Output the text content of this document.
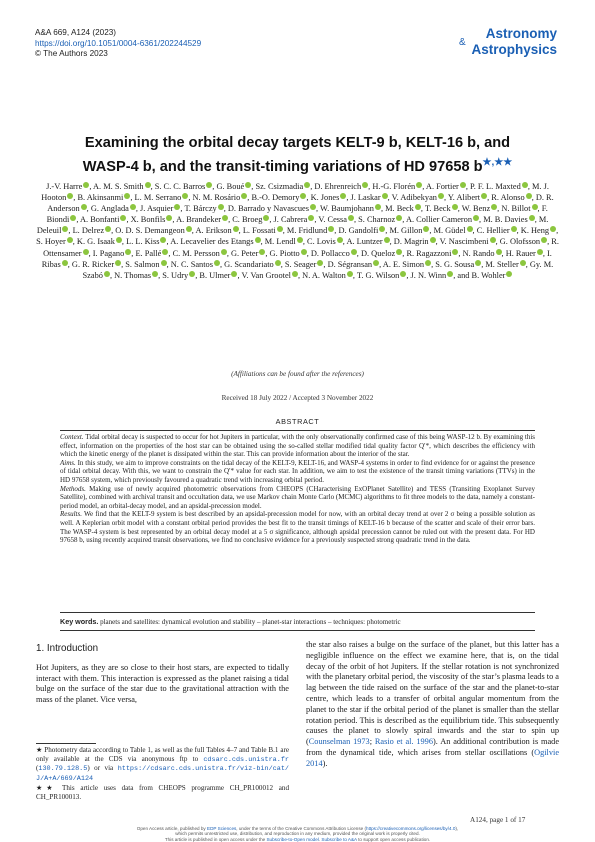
A&A 669, A124 (2023)
https://doi.org/10.1051/0004-6361/202244529
© The Authors 2023
Astronomy
& Astrophysics
Examining the orbital decay targets KELT-9 b, KELT-16 b, and
WASP-4 b, and the transit-timing variations of HD 97658 b★,★★
J.-V. Harre , A. M. S. Smith , S. C. C. Barros , G. Boué , Sz. Csizmadia , D. Ehrenreich , H.-G. Florén , A. Fortier , P. F. L. Maxted , M. J. Hooton , B. Akinsanmi , L. M. Serrano , N. M. Rosário , B.-O. Demory , K. Jones , J. Laskar , V. Adibekyan , Y. Alibert , R. Alonso , D. R. Anderson , G. Anglada , J. Asquier , T. Bárczy , D. Barrado y Navascues , W. Baumjohann , M. Beck , T. Beck , W. Benz , N. Billot , F. Biondi , A. Bonfanti , X. Bonfils , A. Brandeker , C. Broeg , J. Cabrera , V. Cessa , S. Charnoz , A. Collier Cameron , M. B. Davies , M. Deleuil , L. Delrez , O. D. S. Demangeon , A. Erikson , L. Fossati , M. Fridlund , D. Gandolfi , M. Gillon , M. Güdel , C. Hellier , K. Heng , S. Hoyer , K. G. Isaak , L. L. Kiss , A. Lecavelier des Etangs , M. Lendl , C. Lovis , A. Luntzer , D. Magrin , V. Nascimbeni , G. Olofsson , R. Ottensamer , I. Pagano , E. Pallé , C. M. Persson , G. Peter , G. Piotto , D. Pollacco , D. Queloz , R. Ragazzoni , N. Rando , H. Rauer , I. Ribas , G. R. Ricker , S. Salmon , N. C. Santos , G. Scandariato , S. Seager , D. Ségransan , A. E. Simon , S. G. Sousa , M. Steller , Gy. M. Szabó , N. Thomas , S. Udry , B. Ulmer , V. Van Grootel , N. A. Walton , T. G. Wilson , J. N. Winn , and B. Wohler
(Affiliations can be found after the references)
Received 18 July 2022 / Accepted 3 November 2022
ABSTRACT

Context. Tidal orbital decay is suspected to occur for hot Jupiters in particular, with the only observationally confirmed case of this being WASP-12 b. By examining this effect, information on the properties of the host star can be obtained using the so-called stellar modified tidal quality factor Q′*, which describes the efficiency with which the kinetic energy of the planet is dissipated within the star. This can provide information about the interior of the star.

Aims. In this study, we aim to improve constraints on the tidal decay of the KELT-9, KELT-16, and WASP-4 systems in order to find evidence for or against the presence of tidal orbital decay. With this, we want to constrain the Q′* value for each star. In addition, we aim to test the existence of the transit timing variations (TTVs) in the HD 97658 system, which previously favoured a quadratic trend with increasing orbital period.

Methods. Making use of newly acquired photometric observations from CHEOPS (CHaracterising ExOPlanet Satellite) and TESS (Transiting Exoplanet Survey Satellite), combined with archival transit and occultation data, we use Markov chain Monte Carlo (MCMC) algorithms to fit three models to the data, namely a constant-period model, an orbital-decay model, and an apsidal-precession model.

Results. We find that the KELT-9 system is best described by an apsidal-precession model for now, with an orbital decay trend at over 2 σ being a possible solution as well. A Keplerian orbit model with a constant orbital period provides the best fit to the transit timings of KELT-16 b because of the scatter and scale of their error bars. The WASP-4 system is best represented by an orbital decay model at a 5 σ significance, although apsidal precession cannot be ruled out with the present data. For HD 97658 b, using recently acquired transit observations, we find no conclusive evidence for a previously suspected strong quadratic trend in the data.

Key words. planets and satellites: dynamical evolution and stability – planet-star interactions – techniques: photometric
1. Introduction

Hot Jupiters, as they are so close to their host stars, are expected to tidally interact with them. This interaction is expressed as the planet raising a tidal bulge on the surface of the star due to the gravitational attraction with the mass of the planet. Vice versa,

★ Photometry data according to Table 1, as well as the full Tables 4–7 and Table B.1 are only available at the CDS via anonymous ftp to cdsarc.cds.unistra.fr (130.79.128.5) or via https://cdsarc.cds.unistra.fr/viz-bin/cat/J/A+A/669/A124
★★ This article uses data from CHEOPS programme CH_PR100012 and CH_PR100013.

the star also raises a bulge on the surface of the planet, but this latter has a negligible influence on the effect we examine here, that is, on the tidal decay of the orbit of hot Jupiters. If the stellar rotation is not synchronized with the planetary orbital period, the viscosity of the star’s plasma leads to a lag between the tide raised on the surface of the star and the planet-to-star centre, which leads to a transfer of orbital angular momentum from the planet to the star if the orbital period of the planet is smaller than the stellar rotation period. This is described as the equilibrium tide. This subsequently causes the planet to slowly spiral inwards and the star to spin up (Counselman 1973; Rasio et al. 1996). An additional contribution is made from the dynamical tide, which arises from stellar oscillations (Ogilvie 2014).

A124, page 1 of 17
Open Access article, published by EDP Sciences, under the terms of the Creative Commons Attribution License (https://creativecommons.org/licenses/by/4.0),
which permits unrestricted use, distribution, and reproduction in any medium, provided the original work is properly cited.
This article is published in open access under the Subscribe-to-Open model. Subscribe to A&A to support open access publication.
